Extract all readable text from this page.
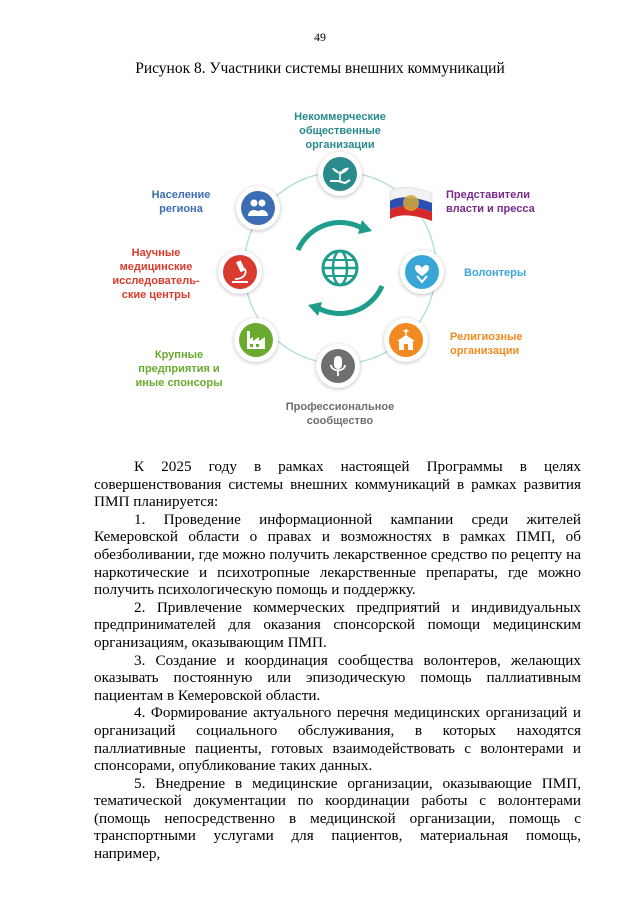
49
Рисунок 8. Участники системы внешних коммуникаций
Некоммерческие
общественные
организации
Представители
власти и пресса
Волонтеры
Религиозные
организации
Профессиональное
сообщество
Крупные
предприятия и
иные спонсоры
Научные
медицинские
исследователь-
ские центры
Население
региона

К 2025 году в рамках настоящей Программы в целях совершенствования системы внешних коммуникаций в рамках развития ПМП планируется:

1. Проведение информационной кампании среди жителей Кемеровской области о правах и возможностях в рамках ПМП, об обезболивании, где можно получить лекарственное средство по рецепту на наркотические и психотропные лекарственные препараты, где можно получить психологическую помощь и поддержку.

2. Привлечение коммерческих предприятий и индивидуальных предпринимателей для оказания спонсорской помощи медицинским организациям, оказывающим ПМП.

3. Создание и координация сообщества волонтеров, желающих оказывать постоянную или эпизодическую помощь паллиативным пациентам в Кемеровской области.

4. Формирование актуального перечня медицинских организаций и организаций социального обслуживания, в которых находятся паллиативные пациенты, готовых взаимодействовать с волонтерами и спонсорами, опубликование таких данных.

5. Внедрение в медицинские организации, оказывающие ПМП, тематической документации по координации работы с волонтерами (помощь непосредственно в медицинской организации, помощь с транспортными услугами для пациентов, материальная помощь, например,
